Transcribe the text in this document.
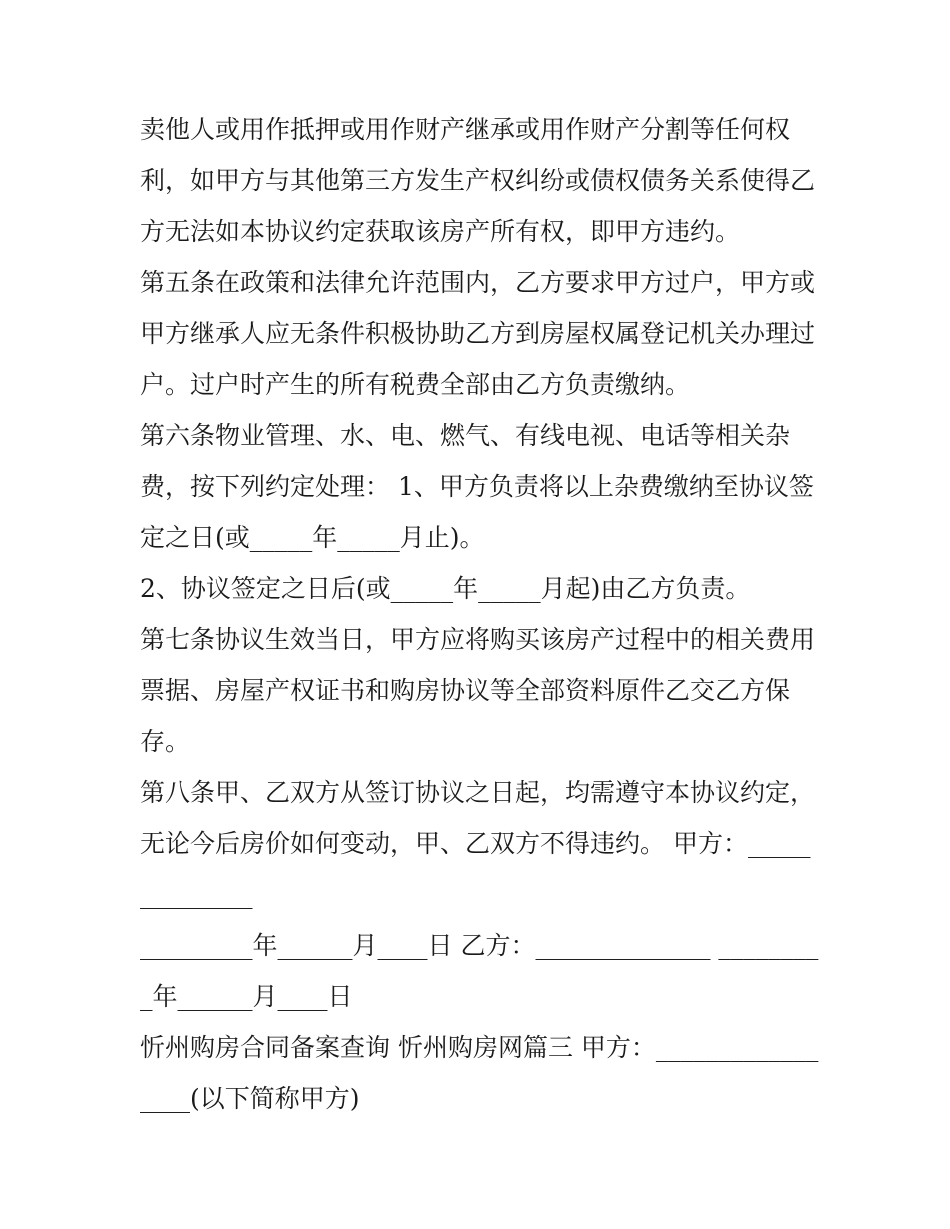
卖他人或用作抵押或用作财产继承或用作财产分割等任何权利，如甲方与其他第三方发生产权纠纷或债权债务关系使得乙方无法如本协议约定获取该房产所有权，即甲方违约。

第五条在政策和法律允许范围内，乙方要求甲方过户，甲方或甲方继承人应无条件积极协助乙方到房屋权属登记机关办理过户。过户时产生的所有税费全部由乙方负责缴纳。

第六条物业管理、水、电、燃气、有线电视、电话等相关杂费，按下列约定处理： 1、甲方负责将以上杂费缴纳至协议签定之日(或_____年_____月止)。

2、协议签定之日后(或_____年_____月起)由乙方负责。

第七条协议生效当日，甲方应将购买该房产过程中的相关费用票据、房屋产权证书和购房协议等全部资料原件乙交乙方保存。

第八条甲、乙双方从签订协议之日起，均需遵守本协议约定，无论今后房价如何变动，甲、乙双方不得违约。 甲方：______________

_________年______月____日 乙方：______________ _________年______月____日

忻州购房合同备案查询 忻州购房网篇三 甲方：_________________(以下简称甲方)
